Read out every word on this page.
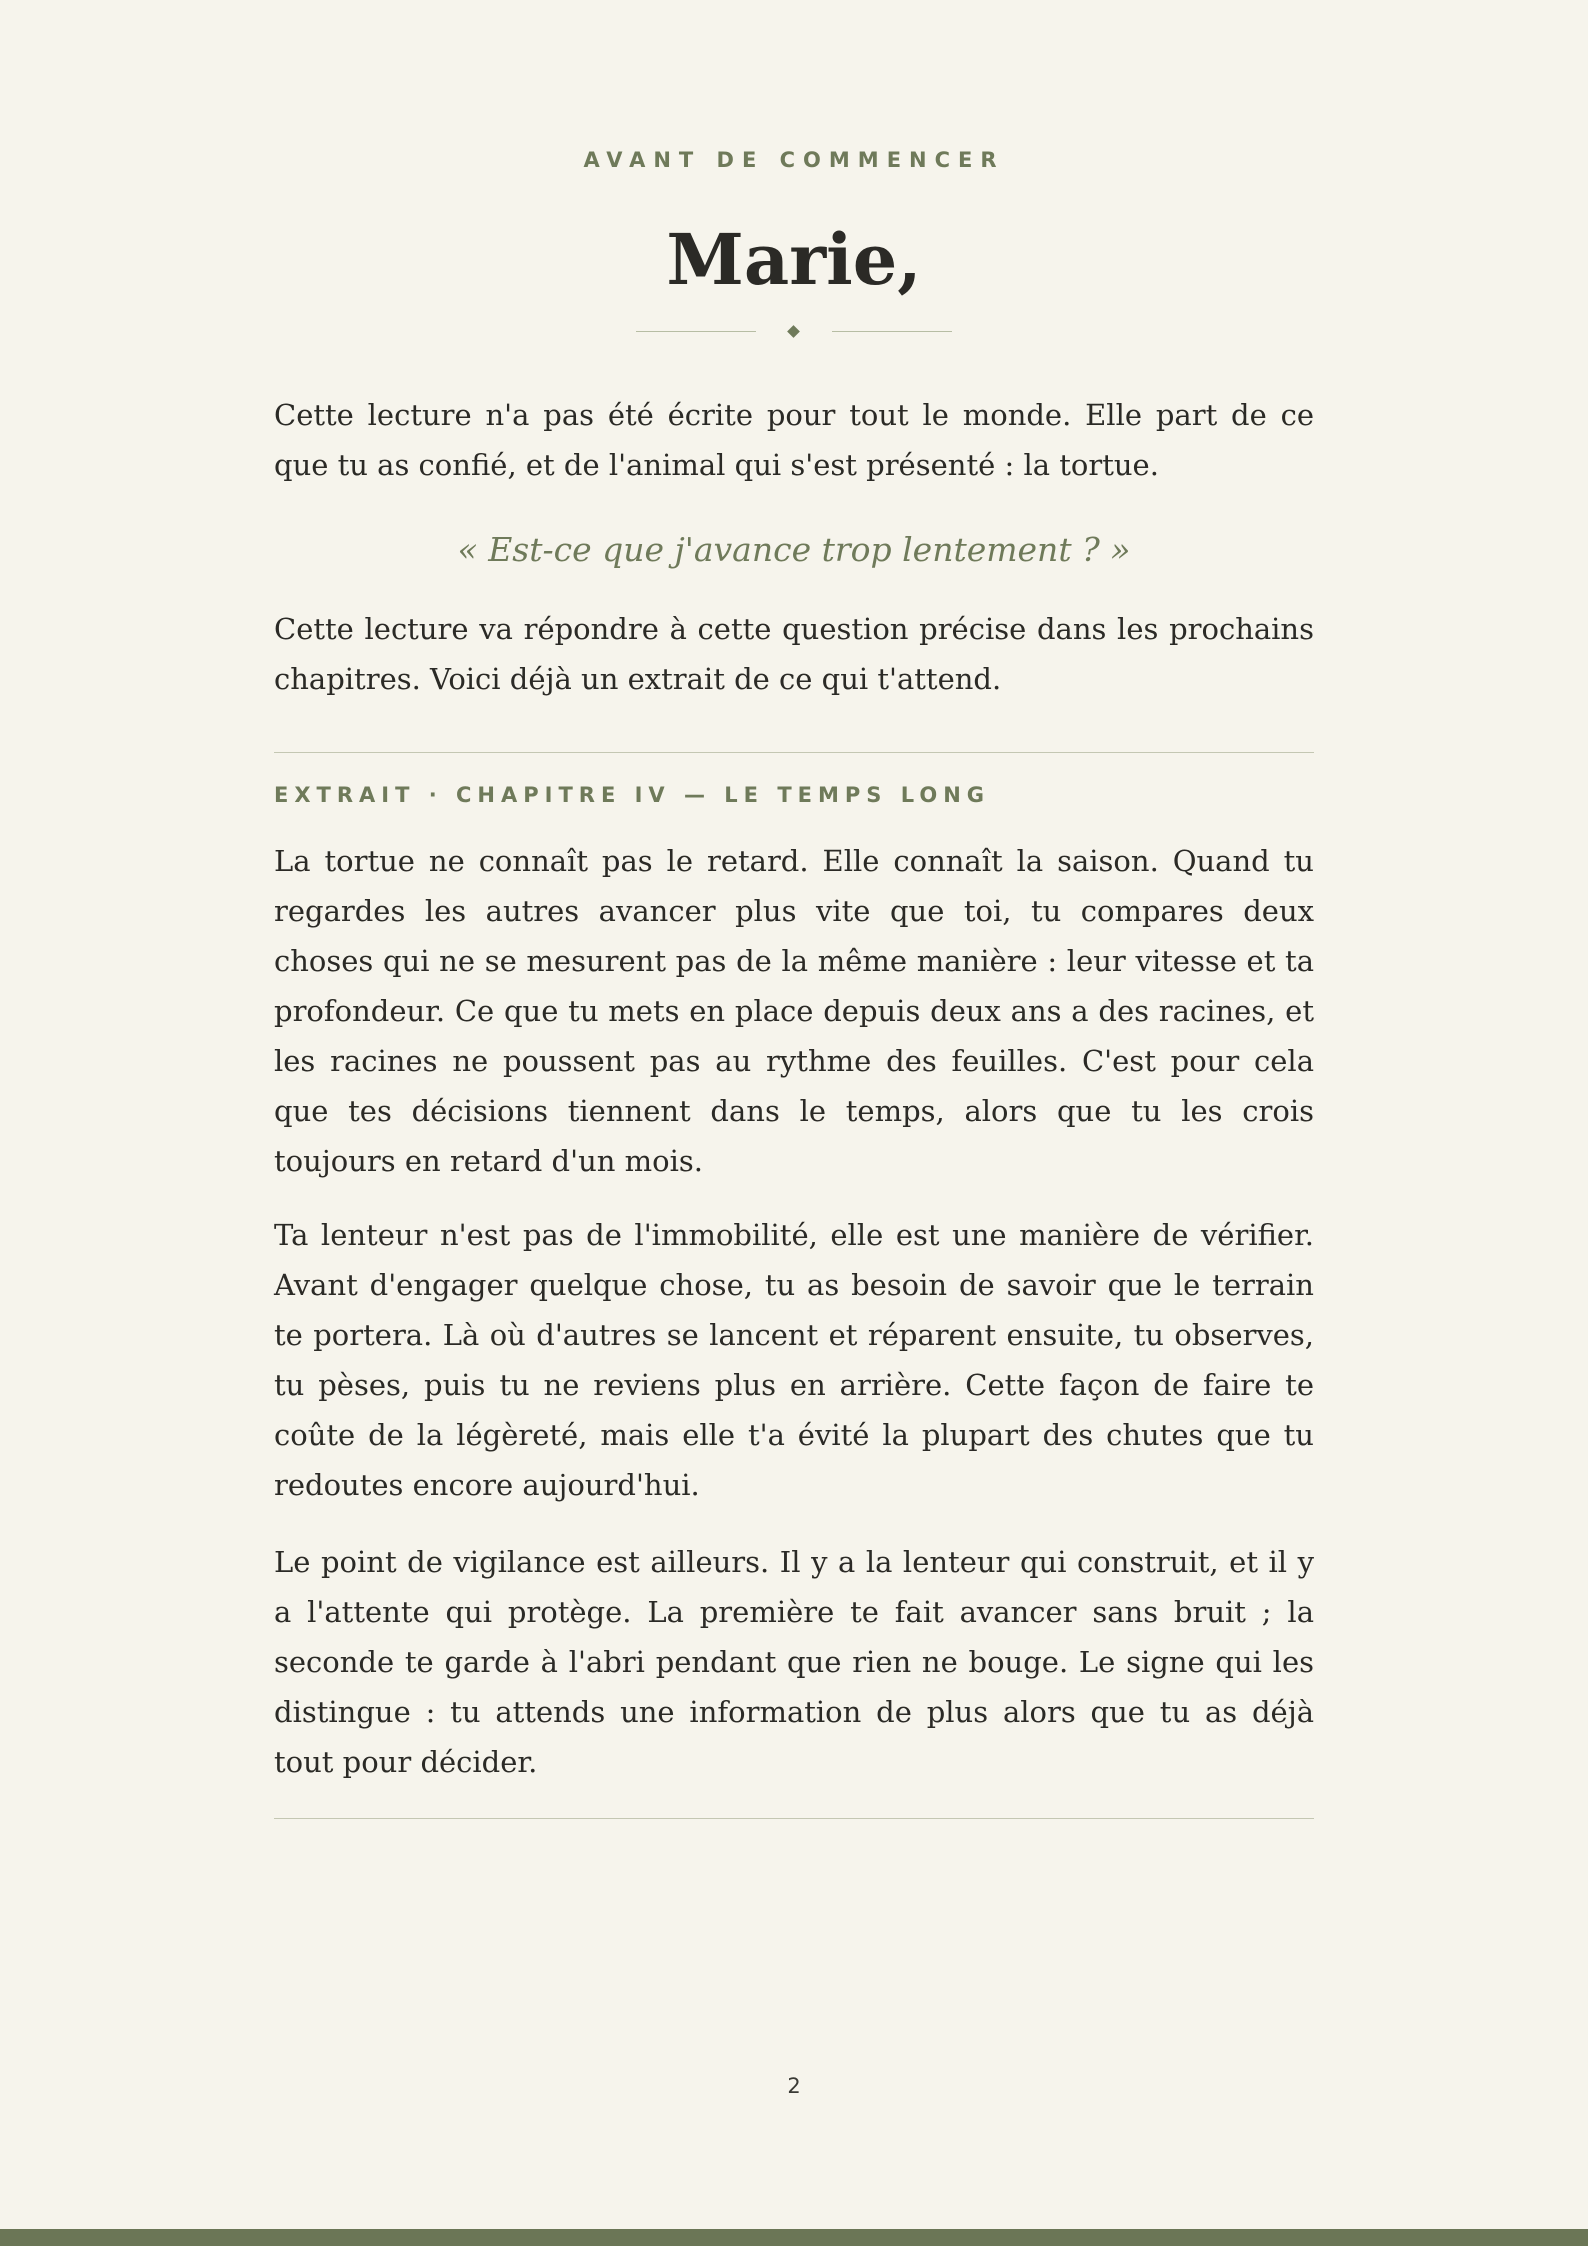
AVANT DE COMMENCER
Marie,

Cette lecture n'a pas été écrite pour tout le monde. Elle part de ce que tu as confié, et de l'animal qui s'est présenté : la tortue.

« Est-ce que j'avance trop lentement ? »

Cette lecture va répondre à cette question précise dans les prochains chapitres. Voici déjà un extrait de ce qui t'attend.

EXTRAIT · CHAPITRE IV — LE TEMPS LONG

La tortue ne connaît pas le retard. Elle connaît la saison. Quand tu regardes les autres avancer plus vite que toi, tu compares deux choses qui ne se mesurent pas de la même manière : leur vitesse et ta profondeur. Ce que tu mets en place depuis deux ans a des racines, et les racines ne poussent pas au rythme des feuilles. C'est pour cela que tes décisions tiennent dans le temps, alors que tu les crois toujours en retard d'un mois.

Ta lenteur n'est pas de l'immobilité, elle est une manière de vérifier. Avant d'engager quelque chose, tu as besoin de savoir que le terrain te portera. Là où d'autres se lancent et réparent ensuite, tu observes, tu pèses, puis tu ne reviens plus en arrière. Cette façon de faire te coûte de la légèreté, mais elle t'a évité la plupart des chutes que tu redoutes encore aujourd'hui.

Le point de vigilance est ailleurs. Il y a la lenteur qui construit, et il y a l'attente qui protège. La première te fait avancer sans bruit ; la seconde te garde à l'abri pendant que rien ne bouge. Le signe qui les distingue : tu attends une information de plus alors que tu as déjà tout pour décider.

2
